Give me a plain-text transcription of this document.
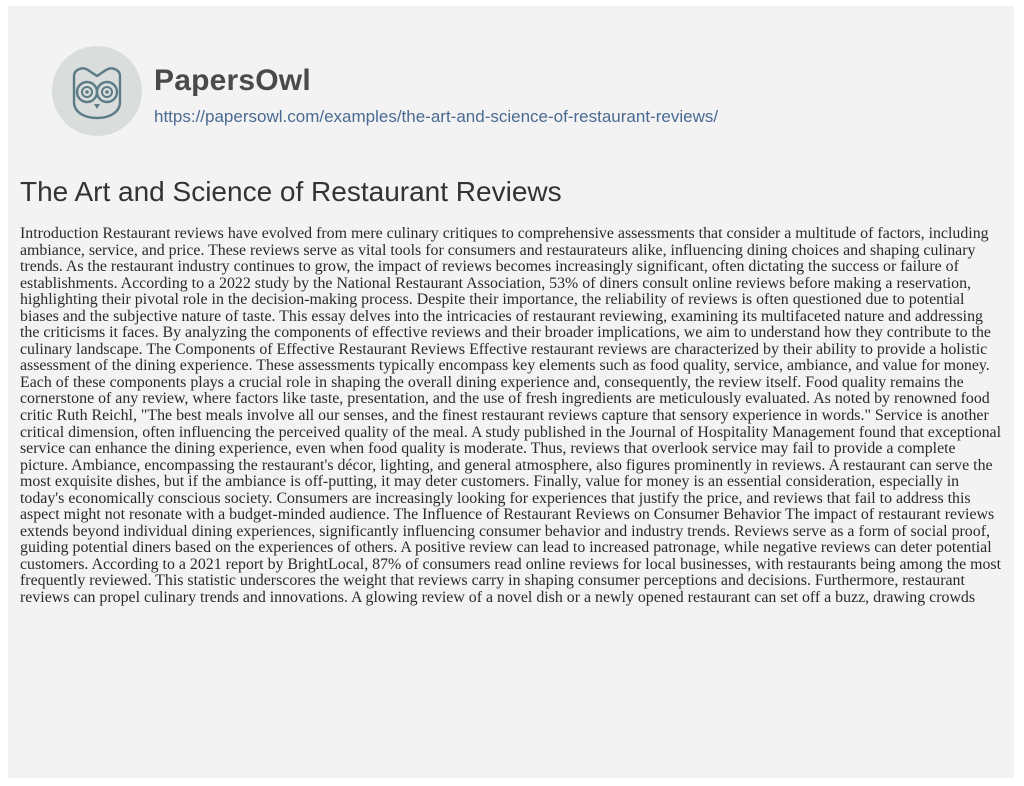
PapersOwl
https://papersowl.com/examples/the-art-and-science-of-restaurant-reviews/
The Art and Science of Restaurant Reviews

Introduction Restaurant reviews have evolved from mere culinary critiques to comprehensive assessments that consider a multitude of factors, including ambiance, service, and price. These reviews serve as vital tools for consumers and restaurateurs alike, influencing dining choices and shaping culinary trends. As the restaurant industry continues to grow, the impact of reviews becomes increasingly significant, often dictating the success or failure of establishments. According to a 2022 study by the National Restaurant Association, 53% of diners consult online reviews before making a reservation, highlighting their pivotal role in the decision-making process. Despite their importance, the reliability of reviews is often questioned due to potential biases and the subjective nature of taste. This essay delves into the intricacies of restaurant reviewing, examining its multifaceted nature and addressing the criticisms it faces. By analyzing the components of effective reviews and their broader implications, we aim to understand how they contribute to the culinary landscape. The Components of Effective Restaurant Reviews Effective restaurant reviews are characterized by their ability to provide a holistic assessment of the dining experience. These assessments typically encompass key elements such as food quality, service, ambiance, and value for money. Each of these components plays a crucial role in shaping the overall dining experience and, consequently, the review itself. Food quality remains the cornerstone of any review, where factors like taste, presentation, and the use of fresh ingredients are meticulously evaluated. As noted by renowned food critic Ruth Reichl, "The best meals involve all our senses, and the finest restaurant reviews capture that sensory experience in words." Service is another critical dimension, often influencing the perceived quality of the meal. A study published in the Journal of Hospitality Management found that exceptional service can enhance the dining experience, even when food quality is moderate. Thus, reviews that overlook service may fail to provide a complete picture. Ambiance, encompassing the restaurant's décor, lighting, and general atmosphere, also figures prominently in reviews. A restaurant can serve the most exquisite dishes, but if the ambiance is off-putting, it may deter customers. Finally, value for money is an essential consideration, especially in today's economically conscious society. Consumers are increasingly looking for experiences that justify the price, and reviews that fail to address this aspect might not resonate with a budget-minded audience. The Influence of Restaurant Reviews on Consumer Behavior The impact of restaurant reviews extends beyond individual dining experiences, significantly influencing consumer behavior and industry trends. Reviews serve as a form of social proof, guiding potential diners based on the experiences of others. A positive review can lead to increased patronage, while negative reviews can deter potential customers. According to a 2021 report by BrightLocal, 87% of consumers read online reviews for local businesses, with restaurants being among the most frequently reviewed. This statistic underscores the weight that reviews carry in shaping consumer perceptions and decisions. Furthermore, restaurant reviews can propel culinary trends and innovations. A glowing review of a novel dish or a newly opened restaurant can set off a buzz, drawing crowds
